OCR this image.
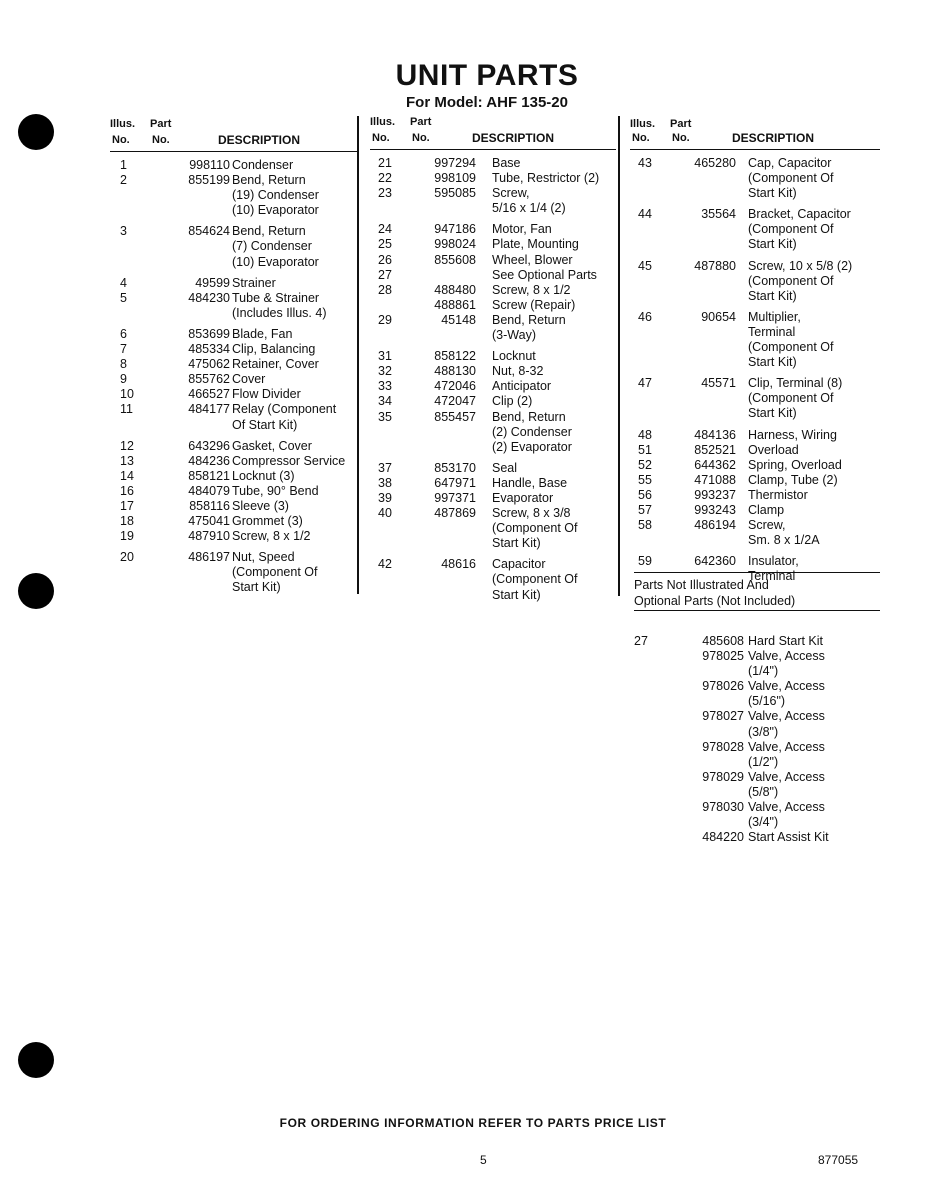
UNIT PARTS
For Model: AHF 135-20
Illus. Part
No. No.	DESCRIPTION
1	998110 Condenser
2	855199 Bend, Return
(19) Condenser
(10) Evaporator
3	854624 Bend, Return
(7) Condenser
(10) Evaporator
4	49599 Strainer
5	484230 Tube & Strainer
(Includes Illus. 4)
6	853699 Blade, Fan
7	485334 Clip, Balancing
8	475062 Retainer, Cover
9	855762 Cover
10	466527 Flow Divider
11	484177 Relay (Component
Of Start Kit)
12	643296 Gasket, Cover
13	484236 Compressor Service
14	858121 Locknut (3)
16	484079 Tube, 90° Bend
17	858116 Sleeve (3)
18	475041 Grommet (3)
19	487910 Screw, 8 x 1/2
20	486197 Nut, Speed
(Component Of
Start Kit)
Illus. Part
No. No.	DESCRIPTION
21	997294	Base
22	998109	Tube, Restrictor (2)
23	595085	Screw,
5/16 x 1/4 (2)
24	947186	Motor, Fan
25	998024	Plate, Mounting
26	855608	Wheel, Blower
27	See Optional Parts
28	488480	Screw, 8 x 1/2
488861	Screw (Repair)
29	45148	Bend, Return
(3-Way)
31	858122	Locknut
32	488130	Nut, 8-32
33	472046	Anticipator
34	472047	Clip (2)
35	855457	Bend, Return
(2) Condenser
(2) Evaporator
37	853170	Seal
38	647971	Handle, Base
39	997371	Evaporator
40	487869	Screw, 8 x 3/8
(Component Of
Start Kit)
42	48616	Capacitor
(Component Of
Start Kit)
Illus. Part
No. No.	DESCRIPTION
43	465280 Cap, Capacitor
(Component Of
Start Kit)
44	35564 Bracket, Capacitor
(Component Of
Start Kit)
45	487880 Screw, 10 x 5/8 (2)
(Component Of
Start Kit)
46	90654 Multiplier,
Terminal
(Component Of
Start Kit)
47	45571 Clip, Terminal (8)
(Component Of
Start Kit)
48	484136 Harness, Wiring
51	852521 Overload
52	644362 Spring, Overload
55	471088 Clamp, Tube (2)
56	993237 Thermistor
57	993243 Clamp
58	486194 Screw,
Sm. 8 x 1/2A
59	642360 Insulator,
Terminal
Parts Not Illustrated And
Optional Parts (Not Included)
27	485608 Hard Start Kit
978025 Valve, Access
(1/4")
978026 Valve, Access
(5/16")
978027 Valve, Access
(3/8")
978028 Valve, Access
(1/2")
978029 Valve, Access
(5/8")
978030 Valve, Access
(3/4")
484220 Start Assist Kit
FOR ORDERING INFORMATION REFER TO PARTS PRICE LIST
5	877055
